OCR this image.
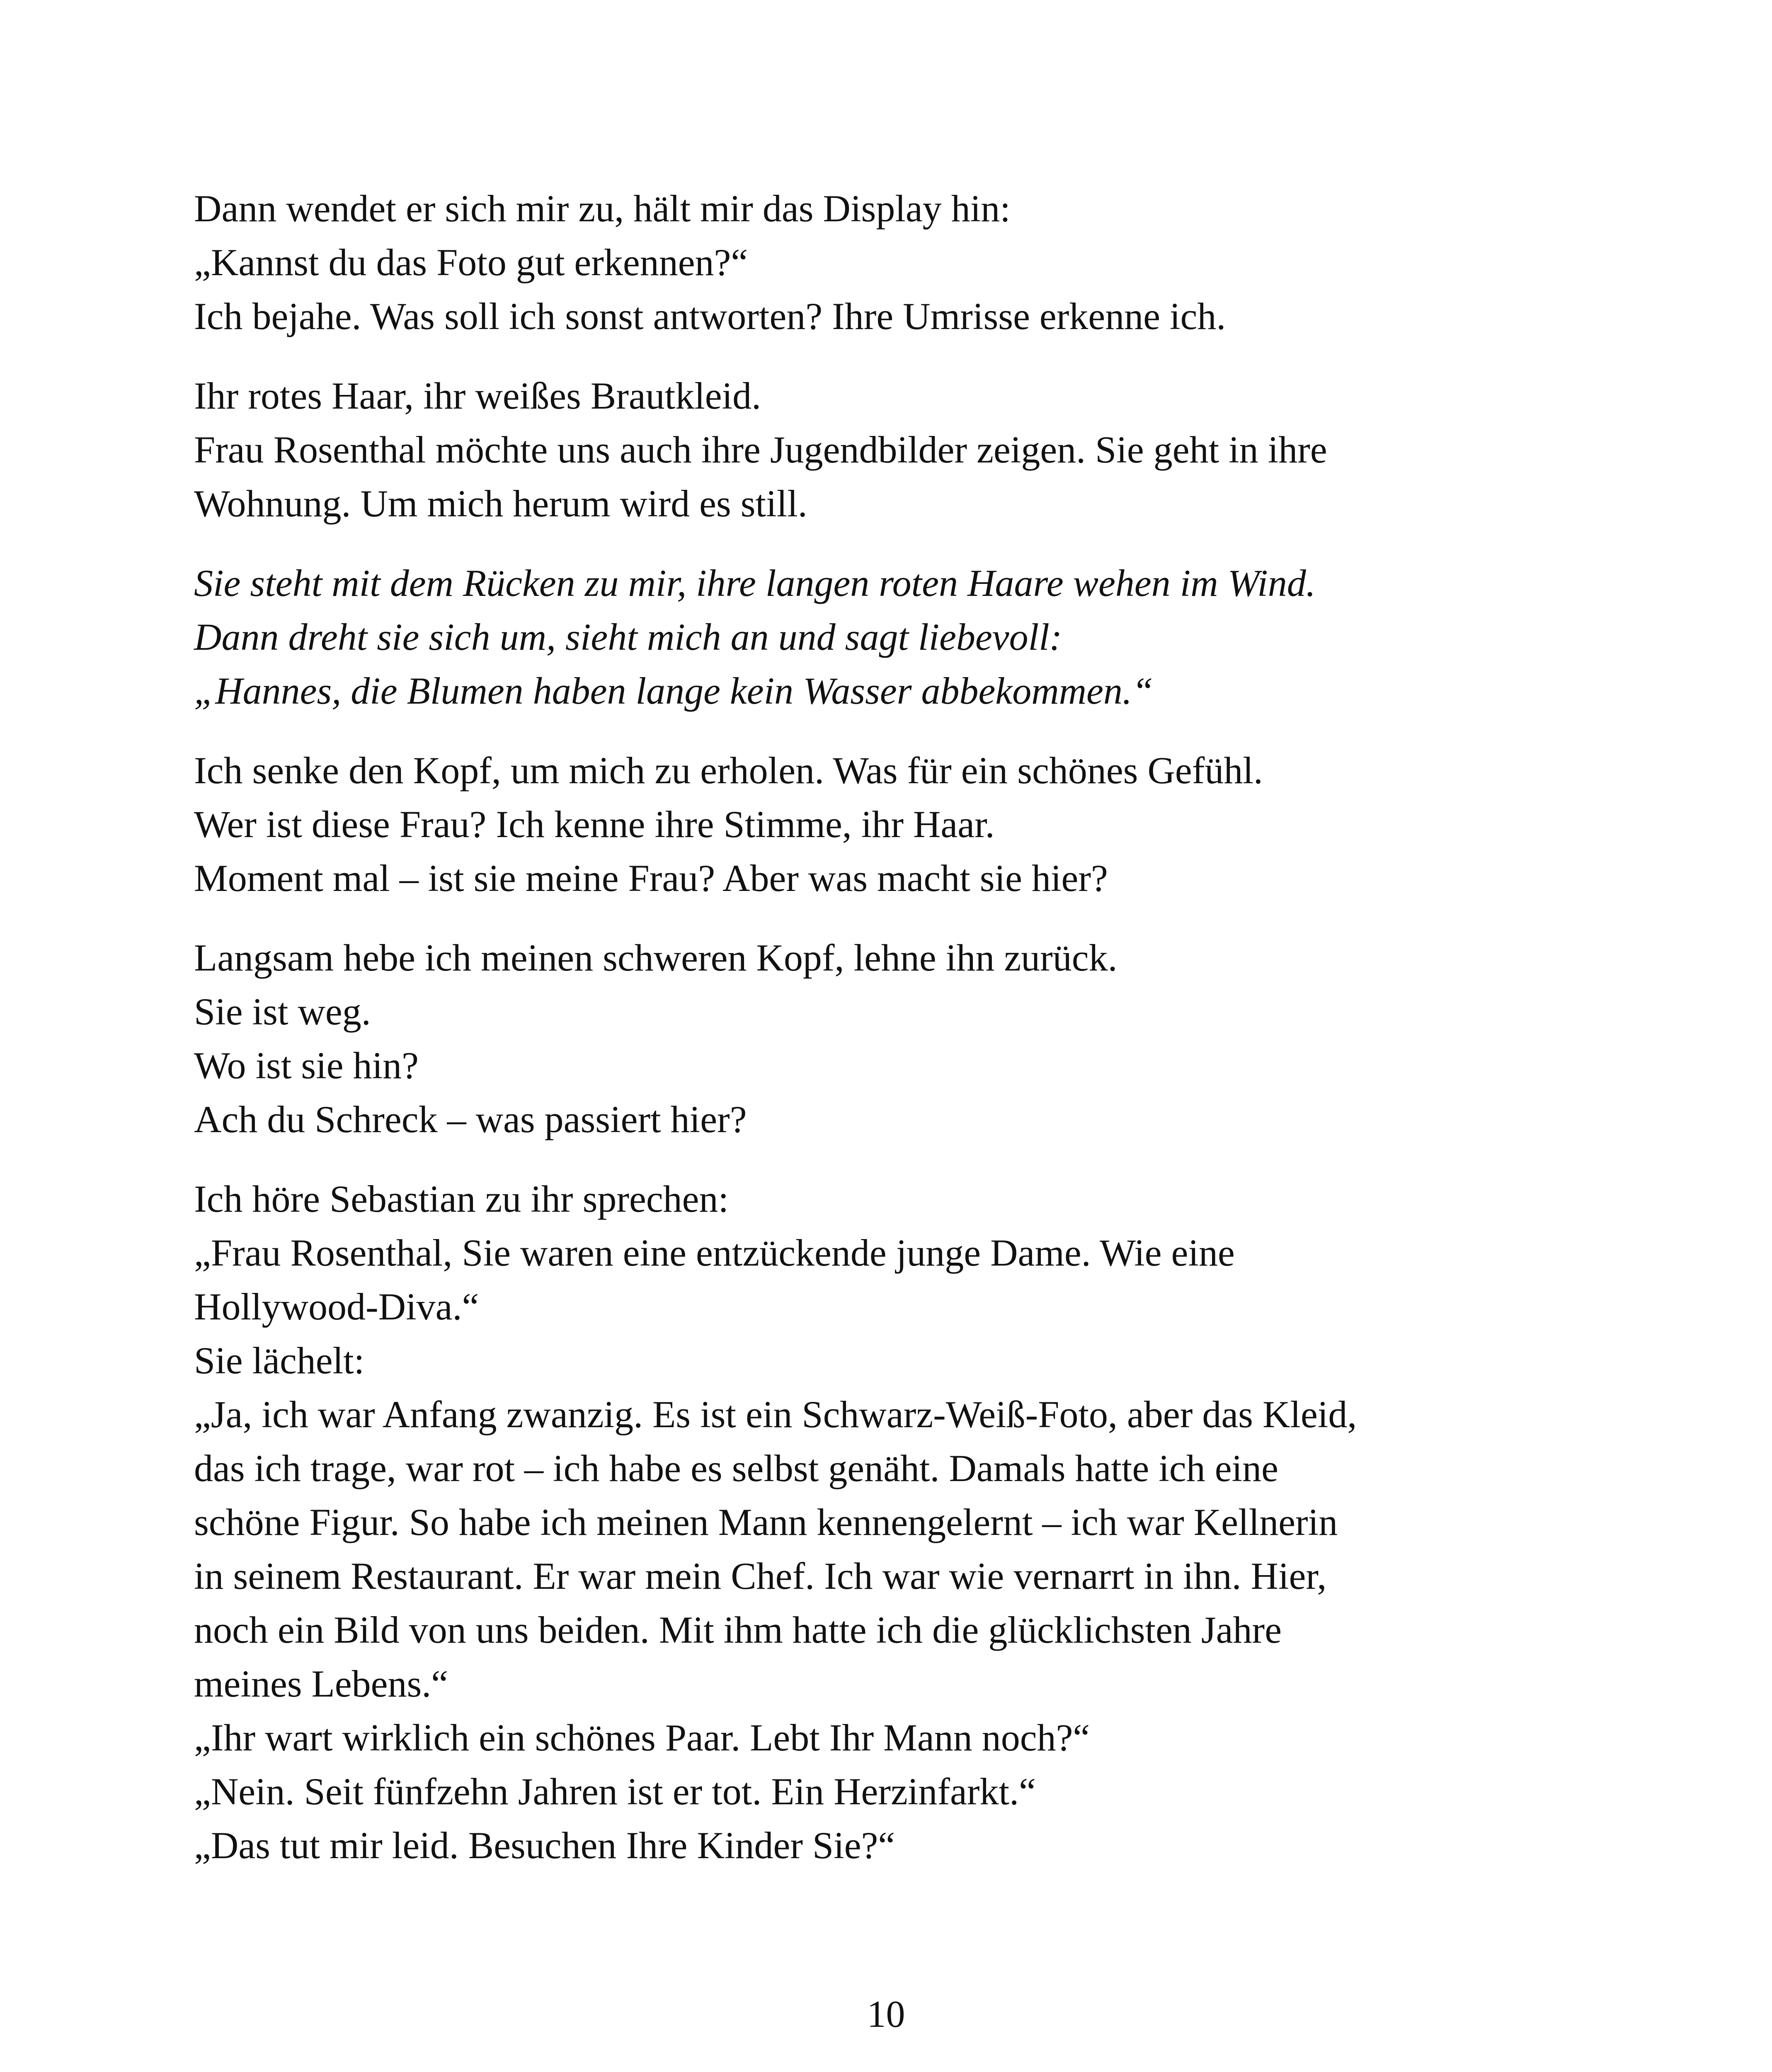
Dann wendet er sich mir zu, hält mir das Display hin:
„Kannst du das Foto gut erkennen?“
Ich bejahe. Was soll ich sonst antworten? Ihre Umrisse erkenne ich.

Ihr rotes Haar, ihr weißes Brautkleid.
Frau Rosenthal möchte uns auch ihre Jugendbilder zeigen. Sie geht in ihre
Wohnung. Um mich herum wird es still.

Sie steht mit dem Rücken zu mir, ihre langen roten Haare wehen im Wind.
Dann dreht sie sich um, sieht mich an und sagt liebevoll:
„Hannes, die Blumen haben lange kein Wasser abbekommen.“

Ich senke den Kopf, um mich zu erholen. Was für ein schönes Gefühl.
Wer ist diese Frau? Ich kenne ihre Stimme, ihr Haar.
Moment mal – ist sie meine Frau? Aber was macht sie hier?

Langsam hebe ich meinen schweren Kopf, lehne ihn zurück.
Sie ist weg.
Wo ist sie hin?
Ach du Schreck – was passiert hier?

Ich höre Sebastian zu ihr sprechen:
„Frau Rosenthal, Sie waren eine entzückende junge Dame. Wie eine
Hollywood-Diva.“
Sie lächelt:
„Ja, ich war Anfang zwanzig. Es ist ein Schwarz-Weiß-Foto, aber das Kleid,
das ich trage, war rot – ich habe es selbst genäht. Damals hatte ich eine
schöne Figur. So habe ich meinen Mann kennengelernt – ich war Kellnerin
in seinem Restaurant. Er war mein Chef. Ich war wie vernarrt in ihn. Hier,
noch ein Bild von uns beiden. Mit ihm hatte ich die glücklichsten Jahre
meines Lebens.“
„Ihr wart wirklich ein schönes Paar. Lebt Ihr Mann noch?“
„Nein. Seit fünfzehn Jahren ist er tot. Ein Herzinfarkt.“
„Das tut mir leid. Besuchen Ihre Kinder Sie?“

10
